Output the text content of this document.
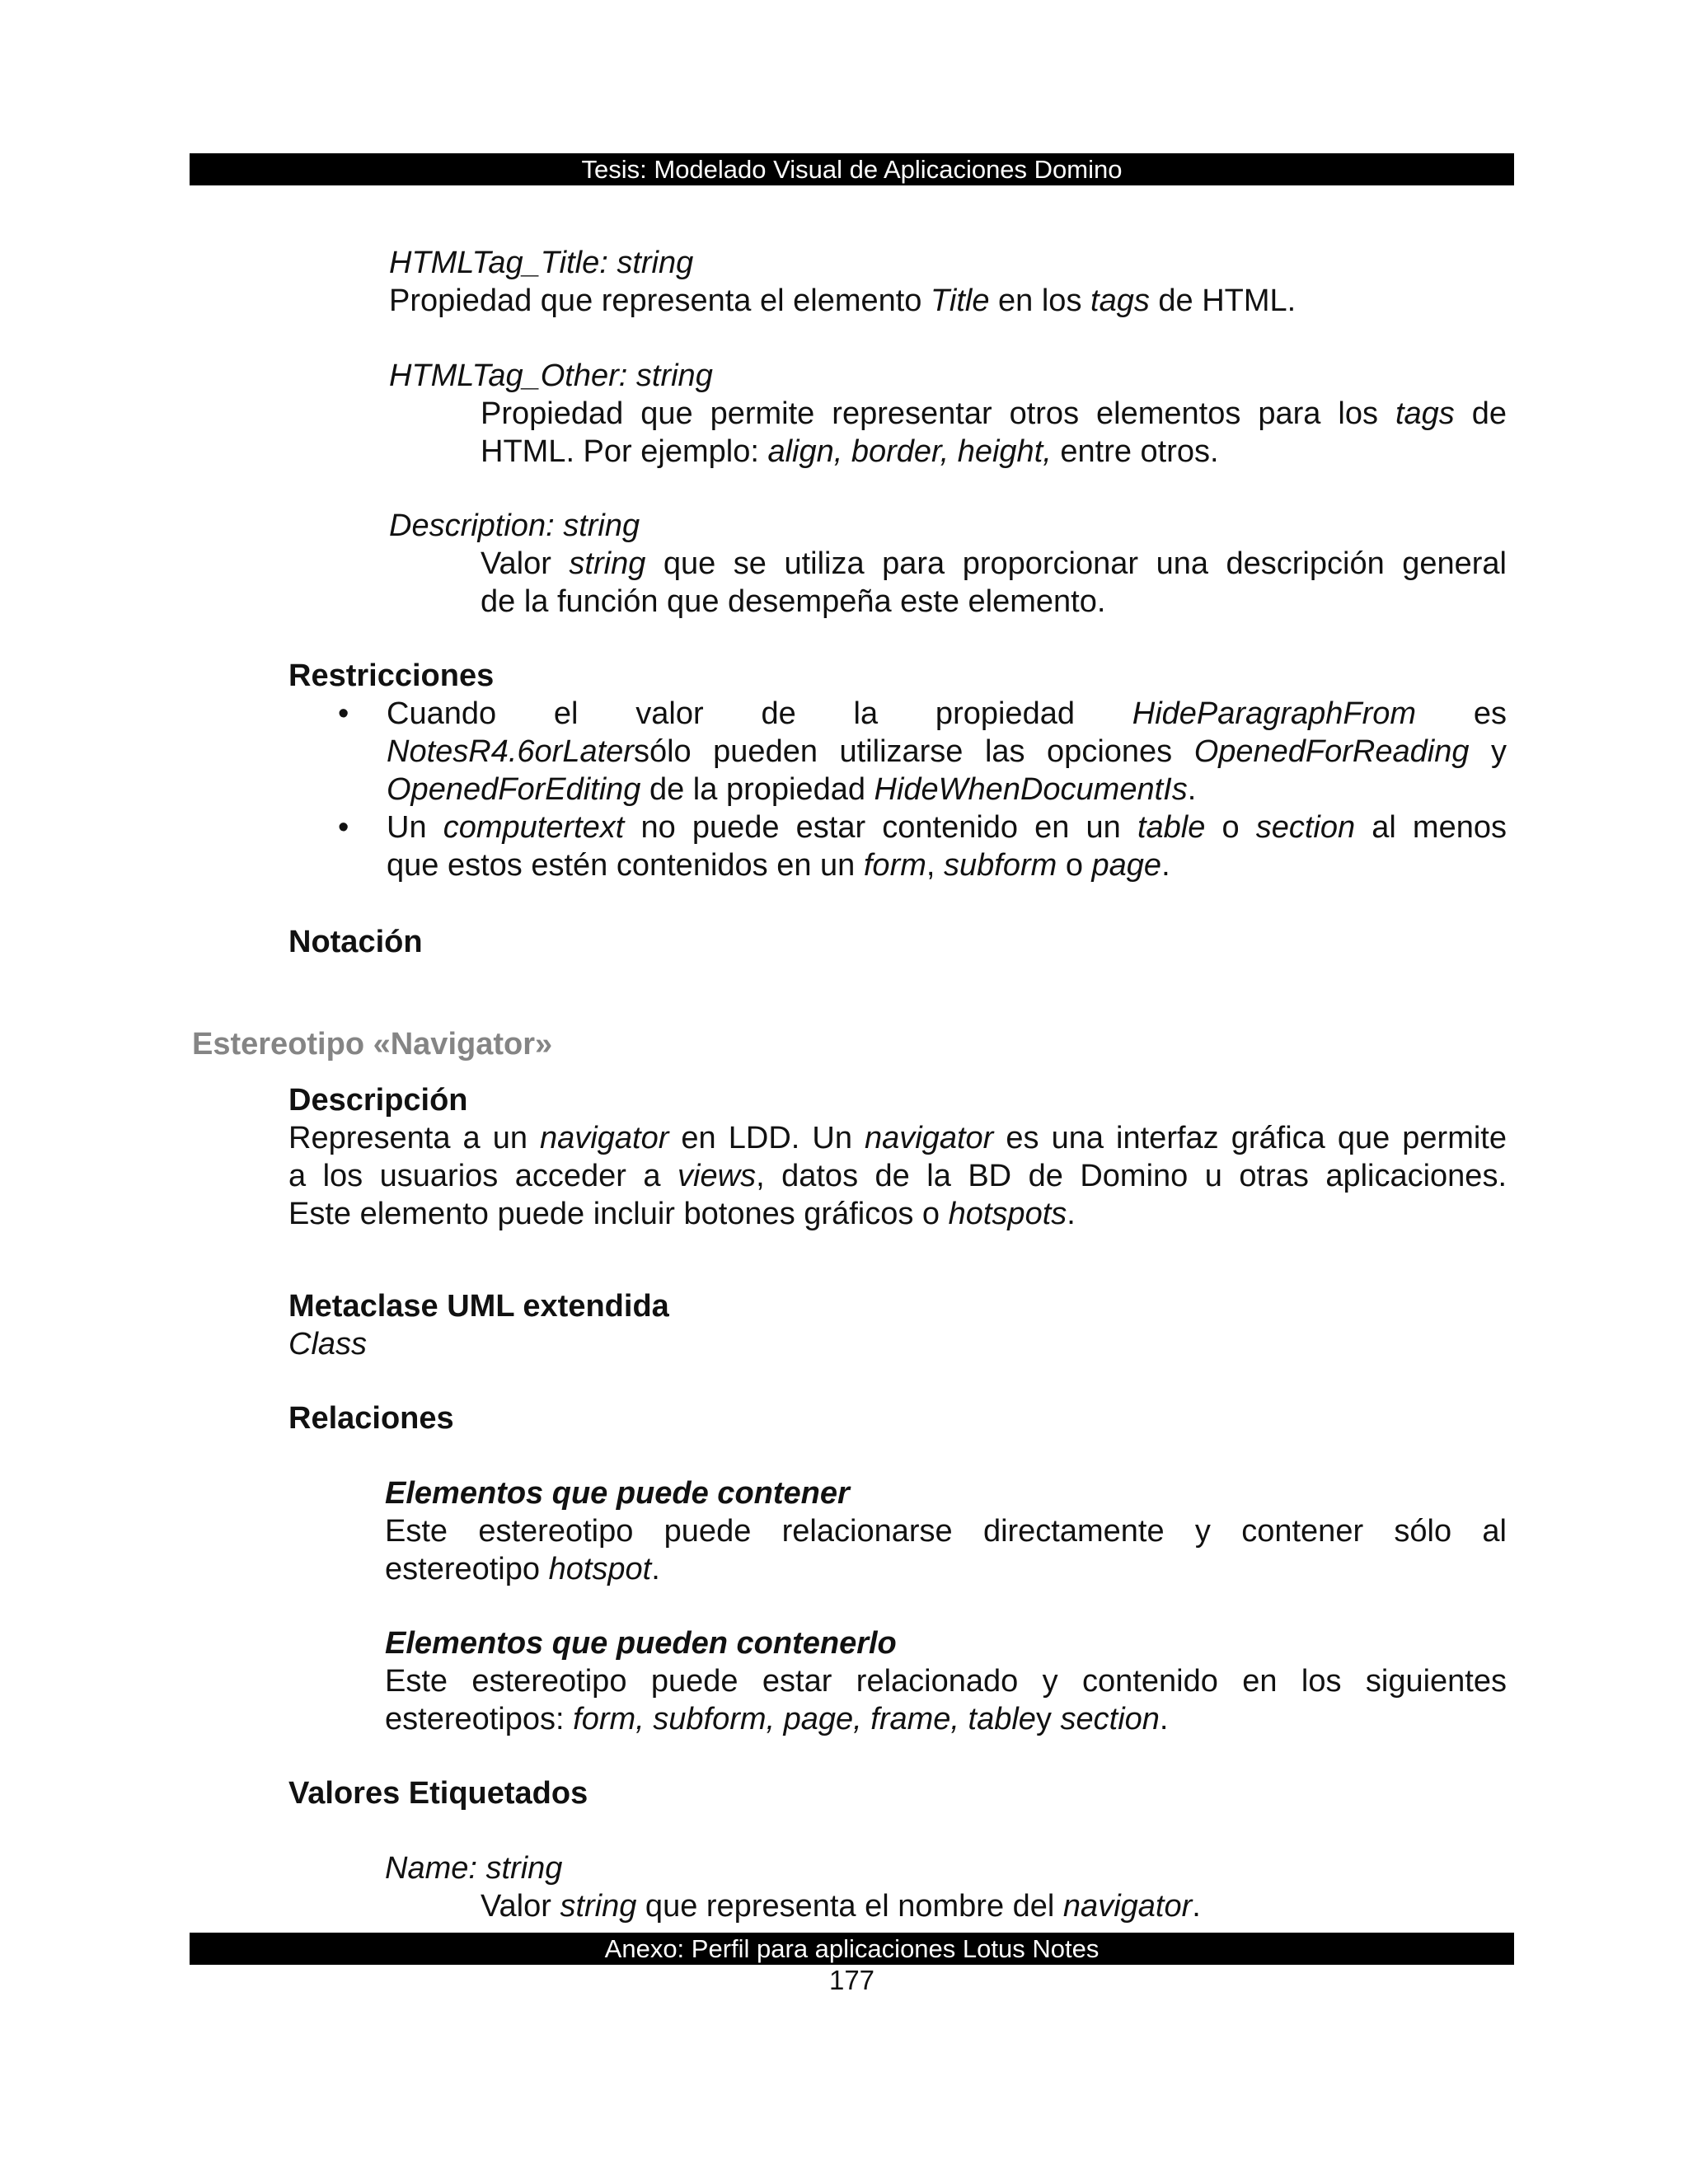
Tesis: Modelado Visual de Aplicaciones Domino
HTMLTag_Title: string
Propiedad que representa el elemento Title en los tags de HTML.
HTMLTag_Other: string
Propiedad que permite representar otros elementos para los tags de
HTML. Por ejemplo: align, border, height, entre otros.
Description: string
Valor string que se utiliza para proporcionar una descripción general
de la función que desempeña este elemento.
Restricciones
• Cuando el valor de la propiedad HideParagraphFrom es
NotesR4.6orLatersólo pueden utilizarse las opciones OpenedForReading y
OpenedForEditing de la propiedad HideWhenDocumentIs.
• Un computertext no puede estar contenido en un table o section al menos
que estos estén contenidos en un form, subform o page.
Notación
Estereotipo «Navigator»
Descripción
Representa a un navigator en LDD. Un navigator es una interfaz gráfica que permite
a los usuarios acceder a views, datos de la BD de Domino u otras aplicaciones.
Este elemento puede incluir botones gráficos o hotspots.
Metaclase UML extendida
Class
Relaciones
Elementos que puede contener
Este estereotipo puede relacionarse directamente y contener sólo al
estereotipo hotspot.
Elementos que pueden contenerlo
Este estereotipo puede estar relacionado y contenido en los siguientes
estereotipos: form, subform, page, frame, tabley section.
Valores Etiquetados
Name: string
Valor string que representa el nombre del navigator.
Anexo: Perfil para aplicaciones Lotus Notes
177
